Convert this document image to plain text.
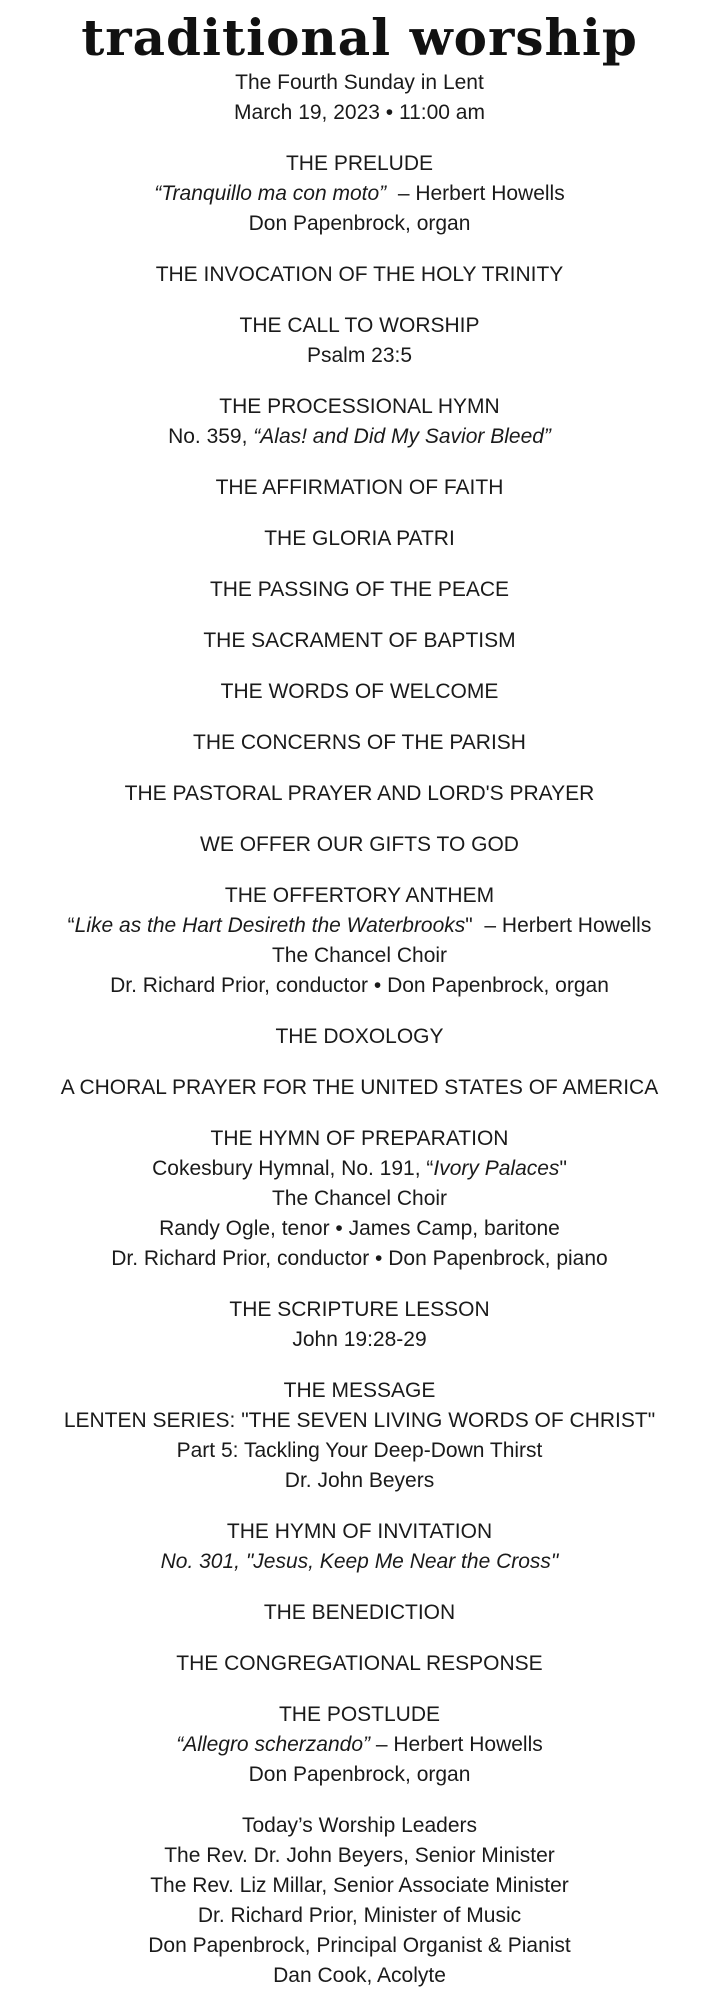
traditional worship
The Fourth Sunday in Lent
March 19, 2023 • 11:00 am
THE PRELUDE
“Tranquillo ma con moto”  – Herbert Howells
Don Papenbrock, organ
THE INVOCATION OF THE HOLY TRINITY
THE CALL TO WORSHIP
Psalm 23:5
THE PROCESSIONAL HYMN
No. 359, “Alas! and Did My Savior Bleed”
THE AFFIRMATION OF FAITH
THE GLORIA PATRI
THE PASSING OF THE PEACE
THE SACRAMENT OF BAPTISM
THE WORDS OF WELCOME
THE CONCERNS OF THE PARISH
THE PASTORAL PRAYER AND LORD'S PRAYER
WE OFFER OUR GIFTS TO GOD
THE OFFERTORY ANTHEM
“Like as the Hart Desireth the Waterbrooks"  – Herbert Howells
The Chancel Choir
Dr. Richard Prior, conductor • Don Papenbrock, organ
THE DOXOLOGY
A CHORAL PRAYER FOR THE UNITED STATES OF AMERICA
THE HYMN OF PREPARATION
Cokesbury Hymnal, No. 191, “Ivory Palaces"
The Chancel Choir
Randy Ogle, tenor • James Camp, baritone
Dr. Richard Prior, conductor • Don Papenbrock, piano
THE SCRIPTURE LESSON
John 19:28-29
THE MESSAGE
LENTEN SERIES: "THE SEVEN LIVING WORDS OF CHRIST"
Part 5: Tackling Your Deep-Down Thirst
Dr. John Beyers
THE HYMN OF INVITATION
No. 301, "Jesus, Keep Me Near the Cross"
THE BENEDICTION
THE CONGREGATIONAL RESPONSE
THE POSTLUDE
“Allegro scherzando” – Herbert Howells
Don Papenbrock, organ
Today’s Worship Leaders
The Rev. Dr. John Beyers, Senior Minister
The Rev. Liz Millar, Senior Associate Minister
Dr. Richard Prior, Minister of Music
Don Papenbrock, Principal Organist & Pianist
Dan Cook, Acolyte
